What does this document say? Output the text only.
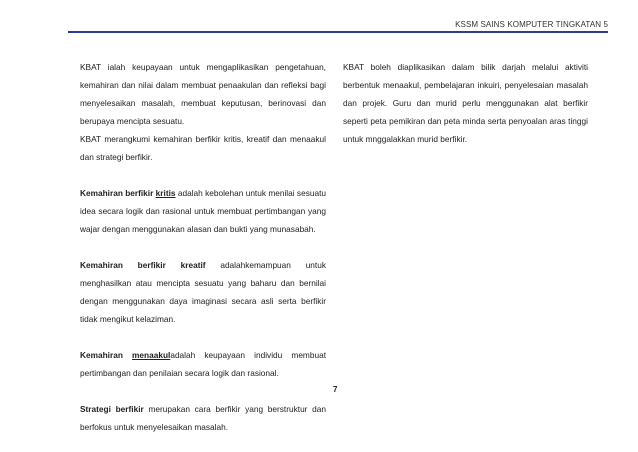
KSSM SAINS KOMPUTER TINGKATAN 5

KBAT ialah keupayaan untuk mengaplikasikan pengetahuan, kemahiran dan nilai dalam membuat penaakulan dan refleksi bagi menyelesaikan masalah, membuat keputusan, berinovasi dan berupaya mencipta sesuatu.

KBAT merangkumi kemahiran berfikir kritis, kreatif dan menaakul dan strategi berfikir.

Kemahiran berfikir kritis adalah kebolehan untuk menilai sesuatu idea secara logik dan rasional untuk membuat pertimbangan yang wajar dengan menggunakan alasan dan bukti yang munasabah.

Kemahiran berfikir kreatif adalahkemampuan untuk menghasilkan atau mencipta sesuatu yang baharu dan bernilai dengan menggunakan daya imaginasi secara asli serta berfikir tidak mengikut kelaziman.

Kemahiran menaakuladalah keupayaan individu membuat pertimbangan dan penilaian secara logik dan rasional.

Strategi berfikir merupakan cara berfikir yang berstruktur dan berfokus untuk menyelesaikan masalah.

KBAT boleh diaplikasikan dalam bilik darjah melalui aktiviti berbentuk menaakul, pembelajaran inkuiri, penyelesaian masalah dan projek. Guru dan murid perlu menggunakan alat berfikir seperti peta pemikiran dan peta minda serta penyoalan aras tinggi untuk mnggalakkan murid berfikir.

7
